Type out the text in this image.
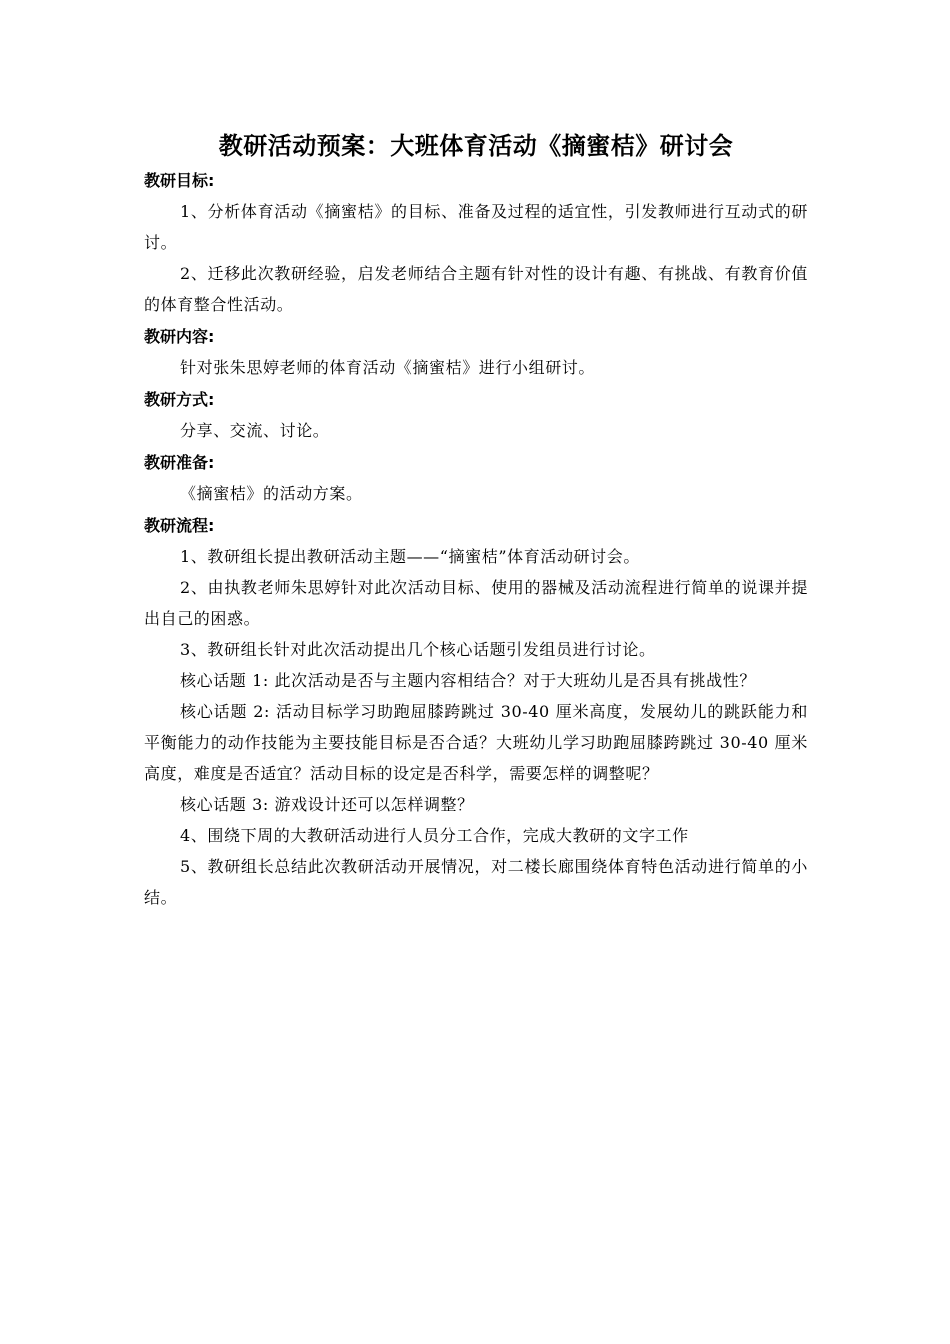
教研活动预案：大班体育活动《摘蜜桔》研讨会

教研目标:

1、分析体育活动《摘蜜桔》的目标、准备及过程的适宜性，引发教师进行互动式的研讨。

2、迁移此次教研经验，启发老师结合主题有针对性的设计有趣、有挑战、有教育价值的体育整合性活动。

教研内容:

针对张朱思婷老师的体育活动《摘蜜桔》进行小组研讨。

教研方式:

分享、交流、讨论。

教研准备:

《摘蜜桔》的活动方案。

教研流程:

1、教研组长提出教研活动主题——“摘蜜桔”体育活动研讨会。

2、由执教老师朱思婷针对此次活动目标、使用的器械及活动流程进行简单的说课并提出自己的困惑。

3、教研组长针对此次活动提出几个核心话题引发组员进行讨论。

核心话题 1: 此次活动是否与主题内容相结合？对于大班幼儿是否具有挑战性？

核心话题 2: 活动目标学习助跑屈膝跨跳过 30-40 厘米高度，发展幼儿的跳跃能力和平衡能力的动作技能为主要技能目标是否合适？大班幼儿学习助跑屈膝跨跳过 30-40 厘米高度，难度是否适宜？活动目标的设定是否科学，需要怎样的调整呢？

核心话题 3: 游戏设计还可以怎样调整？

4、围绕下周的大教研活动进行人员分工合作，完成大教研的文字工作

5、教研组长总结此次教研活动开展情况，对二楼长廊围绕体育特色活动进行简单的小结。
